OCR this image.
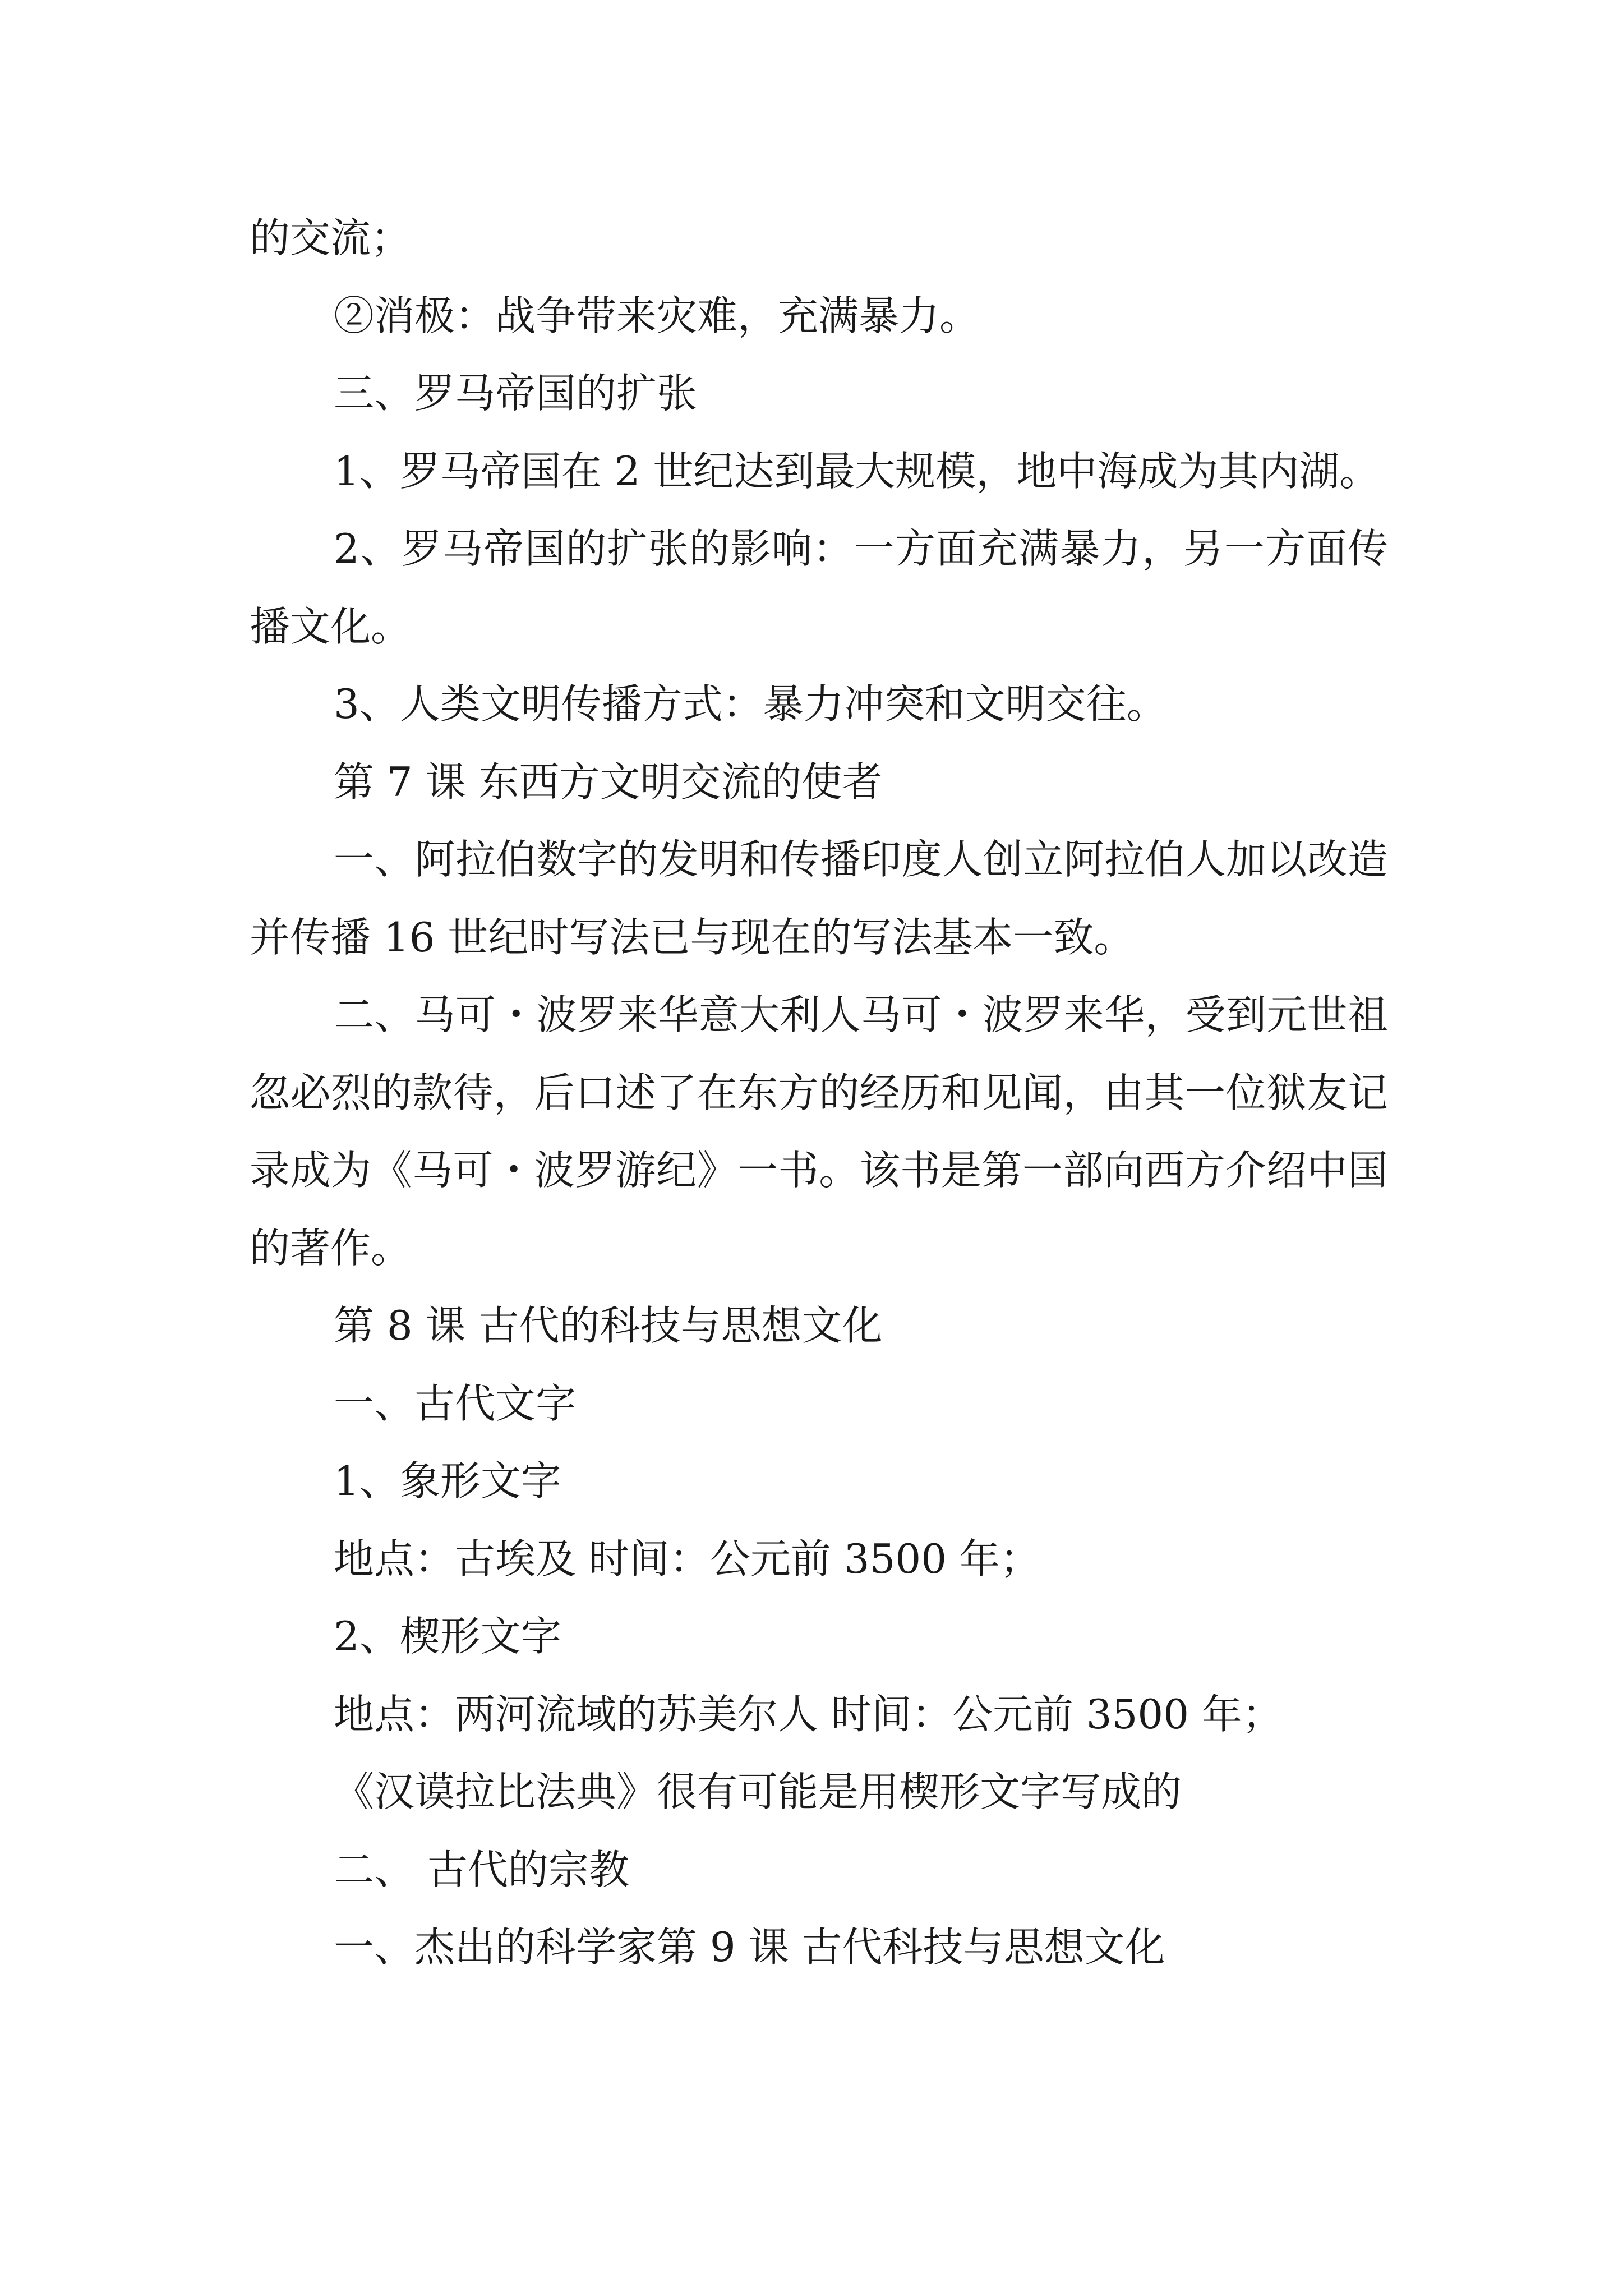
的交流；

②消极：战争带来灾难，充满暴力。

三、罗马帝国的扩张

1、罗马帝国在 2 世纪达到最大规模，地中海成为其内湖。

2、罗马帝国的扩张的影响：一方面充满暴力，另一方面传播文化。

3、人类文明传播方式：暴力冲突和文明交往。

第 7 课 东西方文明交流的使者

一、阿拉伯数字的发明和传播印度人创立阿拉伯人加以改造并传播 16 世纪时写法已与现在的写法基本一致。

二、马可・波罗来华意大利人马可・波罗来华，受到元世祖忽必烈的款待，后口述了在东方的经历和见闻，由其一位狱友记录成为《马可・波罗游纪》一书。该书是第一部向西方介绍中国的著作。

第 8 课 古代的科技与思想文化

一、古代文字

1、象形文字

地点：古埃及 时间：公元前 3500 年；

2、楔形文字

地点：两河流域的苏美尔人 时间：公元前 3500 年；

《汉谟拉比法典》很有可能是用楔形文字写成的

二、 古代的宗教

一、杰出的科学家第 9 课 古代科技与思想文化
